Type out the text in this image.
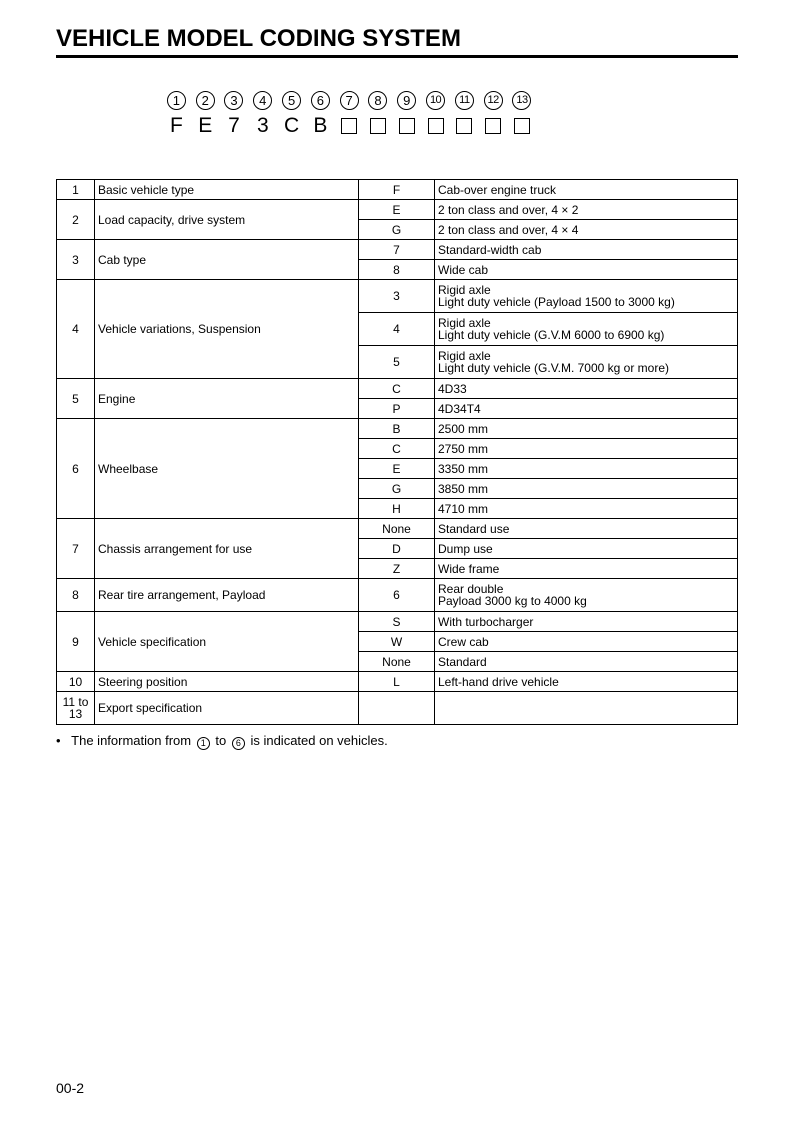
VEHICLE MODEL CODING SYSTEM
1	2	3	4	5	6	7	8	9	10	11	12	13
F E 7 3 C B
1	Basic vehicle type	F	Cab-over engine truck
2	Load capacity, drive system	E	2 ton class and over, 4 × 2
		G	2 ton class and over, 4 × 4
3	Cab type	7	Standard-width cab
		8	Wide cab
4	Vehicle variations, Suspension	3	Rigid axle
Light duty vehicle (Payload 1500 to 3000 kg)
		4	Rigid axle
Light duty vehicle (G.V.M 6000 to 6900 kg)
		5	Rigid axle
Light duty vehicle (G.V.M. 7000 kg or more)
5	Engine	C	4D33
		P	4D34T4
6	Wheelbase	B	2500 mm
		C	2750 mm
		E	3350 mm
		G	3850 mm
		H	4710 mm
7	Chassis arrangement for use	None	Standard use
		D	Dump use
		Z	Wide frame
8	Rear tire arrangement, Payload	6	Rear double
Payload 3000 kg to 4000 kg
9	Vehicle specification	S	With turbocharger
		W	Crew cab
		None	Standard
10	Steering position	L	Left-hand drive vehicle
11 to
13	Export specification		
• The information from 1 to 6 is indicated on vehicles.
00-2
